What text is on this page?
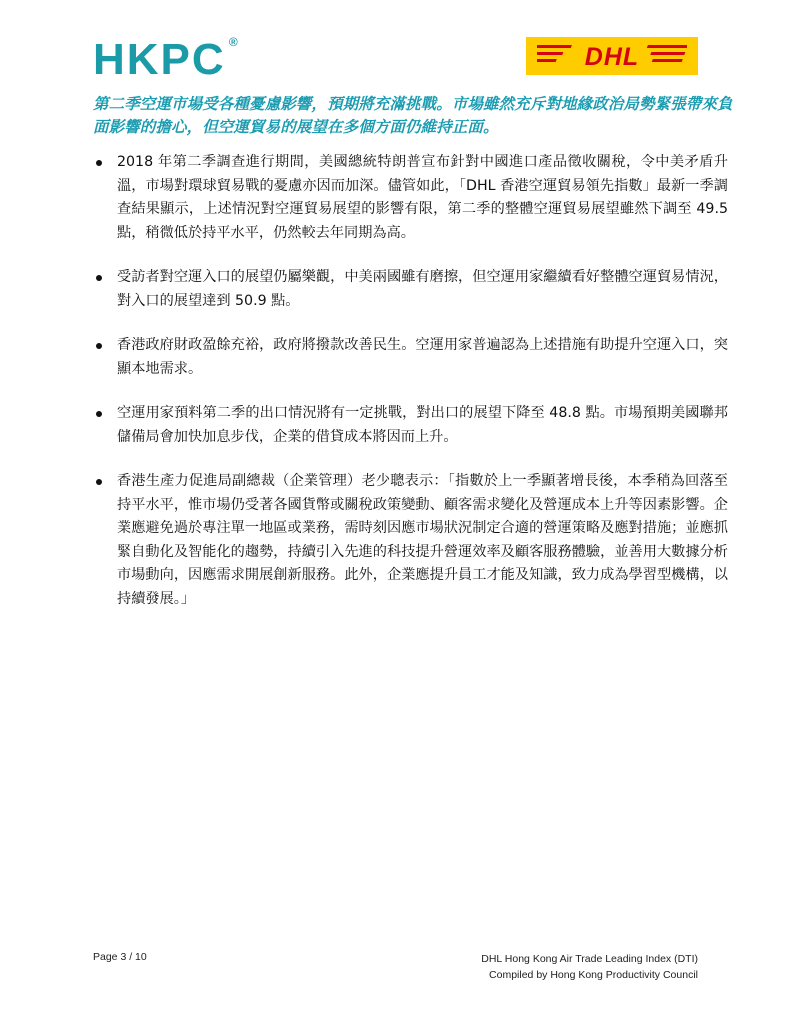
HKPC ®
DHL
第二季空運市場受各種憂慮影響，預期將充滿挑戰。市場雖然充斥對地緣政治局勢緊張帶來負面影響的擔心，但空運貿易的展望在多個方面仍維持正面。
2018 年第二季調查進行期間，美國總統特朗普宣布針對中國進口產品徵收關稅，令中美矛盾升溫，市場對環球貿易戰的憂慮亦因而加深。儘管如此，「DHL 香港空運貿易領先指數」最新一季調查結果顯示，上述情況對空運貿易展望的影響有限，第二季的整體空運貿易展望雖然下調至 49.5 點，稍微低於持平水平，仍然較去年同期為高。
受訪者對空運入口的展望仍屬樂觀，中美兩國雖有磨擦，但空運用家繼續看好整體空運貿易情況，對入口的展望達到 50.9 點。
香港政府財政盈餘充裕，政府將撥款改善民生。空運用家普遍認為上述措施有助提升空運入口，突顯本地需求。
空運用家預料第二季的出口情況將有一定挑戰，對出口的展望下降至 48.8 點。市場預期美國聯邦儲備局會加快加息步伐，企業的借貸成本將因而上升。
香港生產力促進局副總裁（企業管理）老少聰表示：「指數於上一季顯著增長後，本季稍為回落至持平水平，惟市場仍受著各國貨幣或關稅政策變動、顧客需求變化及營運成本上升等因素影響。企業應避免過於專注單一地區或業務，需時刻因應市場狀況制定合適的營運策略及應對措施；並應抓緊自動化及智能化的趨勢，持續引入先進的科技提升營運效率及顧客服務體驗，並善用大數據分析市場動向，因應需求開展創新服務。此外，企業應提升員工才能及知識，致力成為學習型機構，以持續發展。」
Page 3 / 10	DHL Hong Kong Air Trade Leading Index (DTI)
Compiled by Hong Kong Productivity Council
